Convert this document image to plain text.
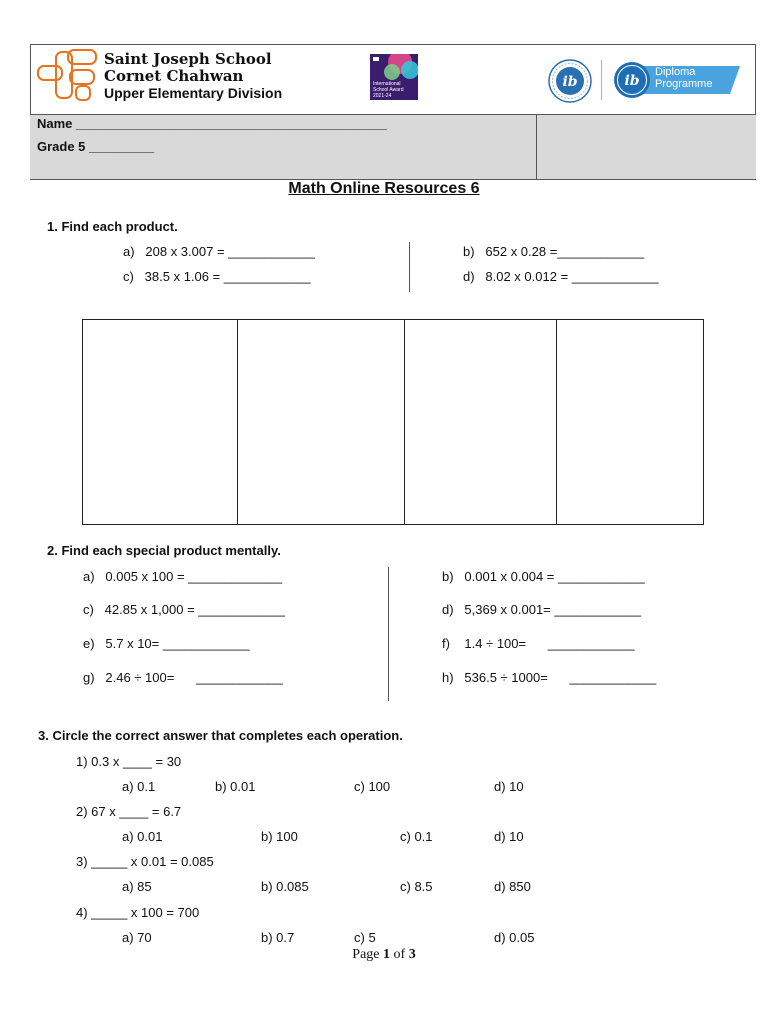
Saint Joseph School
Cornet Chahwan
Upper Elementary Division
International
School Award
2021-24
ib	ib
Diploma
Programme
Name ___________________________________________
Grade 5 _________
Math Online Resources 6
1. Find each product.
a)   208 x 3.007 = ____________	b)   652 x 0.28 =____________
c)   38.5 x 1.06 = ____________	d)   8.02 x 0.012 = ____________
2. Find each special product mentally.
a)   0.005 x 100 = _____________	b)   0.001 x 0.004 = ____________
c)   42.85 x 1,000 = ____________	d)   5,369 x 0.001= ____________
e)   5.7 x 10= ____________	f)    1.4 ÷ 100=      ____________
g)   2.46 ÷ 100=      ____________	h)   536.5 ÷ 1000=      ____________
3. Circle the correct answer that completes each operation.
1) 0.3 x ____ = 30
a) 0.1	b) 0.01	c) 100	d) 10
2) 67 x ____ = 6.7
a) 0.01	b) 100	c) 0.1	d) 10
3) _____ x 0.01 = 0.085
a) 85	b) 0.085	c) 8.5	d) 850
4) _____ x 100 = 700
a) 70	b) 0.7	c) 5	d) 0.05
Page 1 of 3
